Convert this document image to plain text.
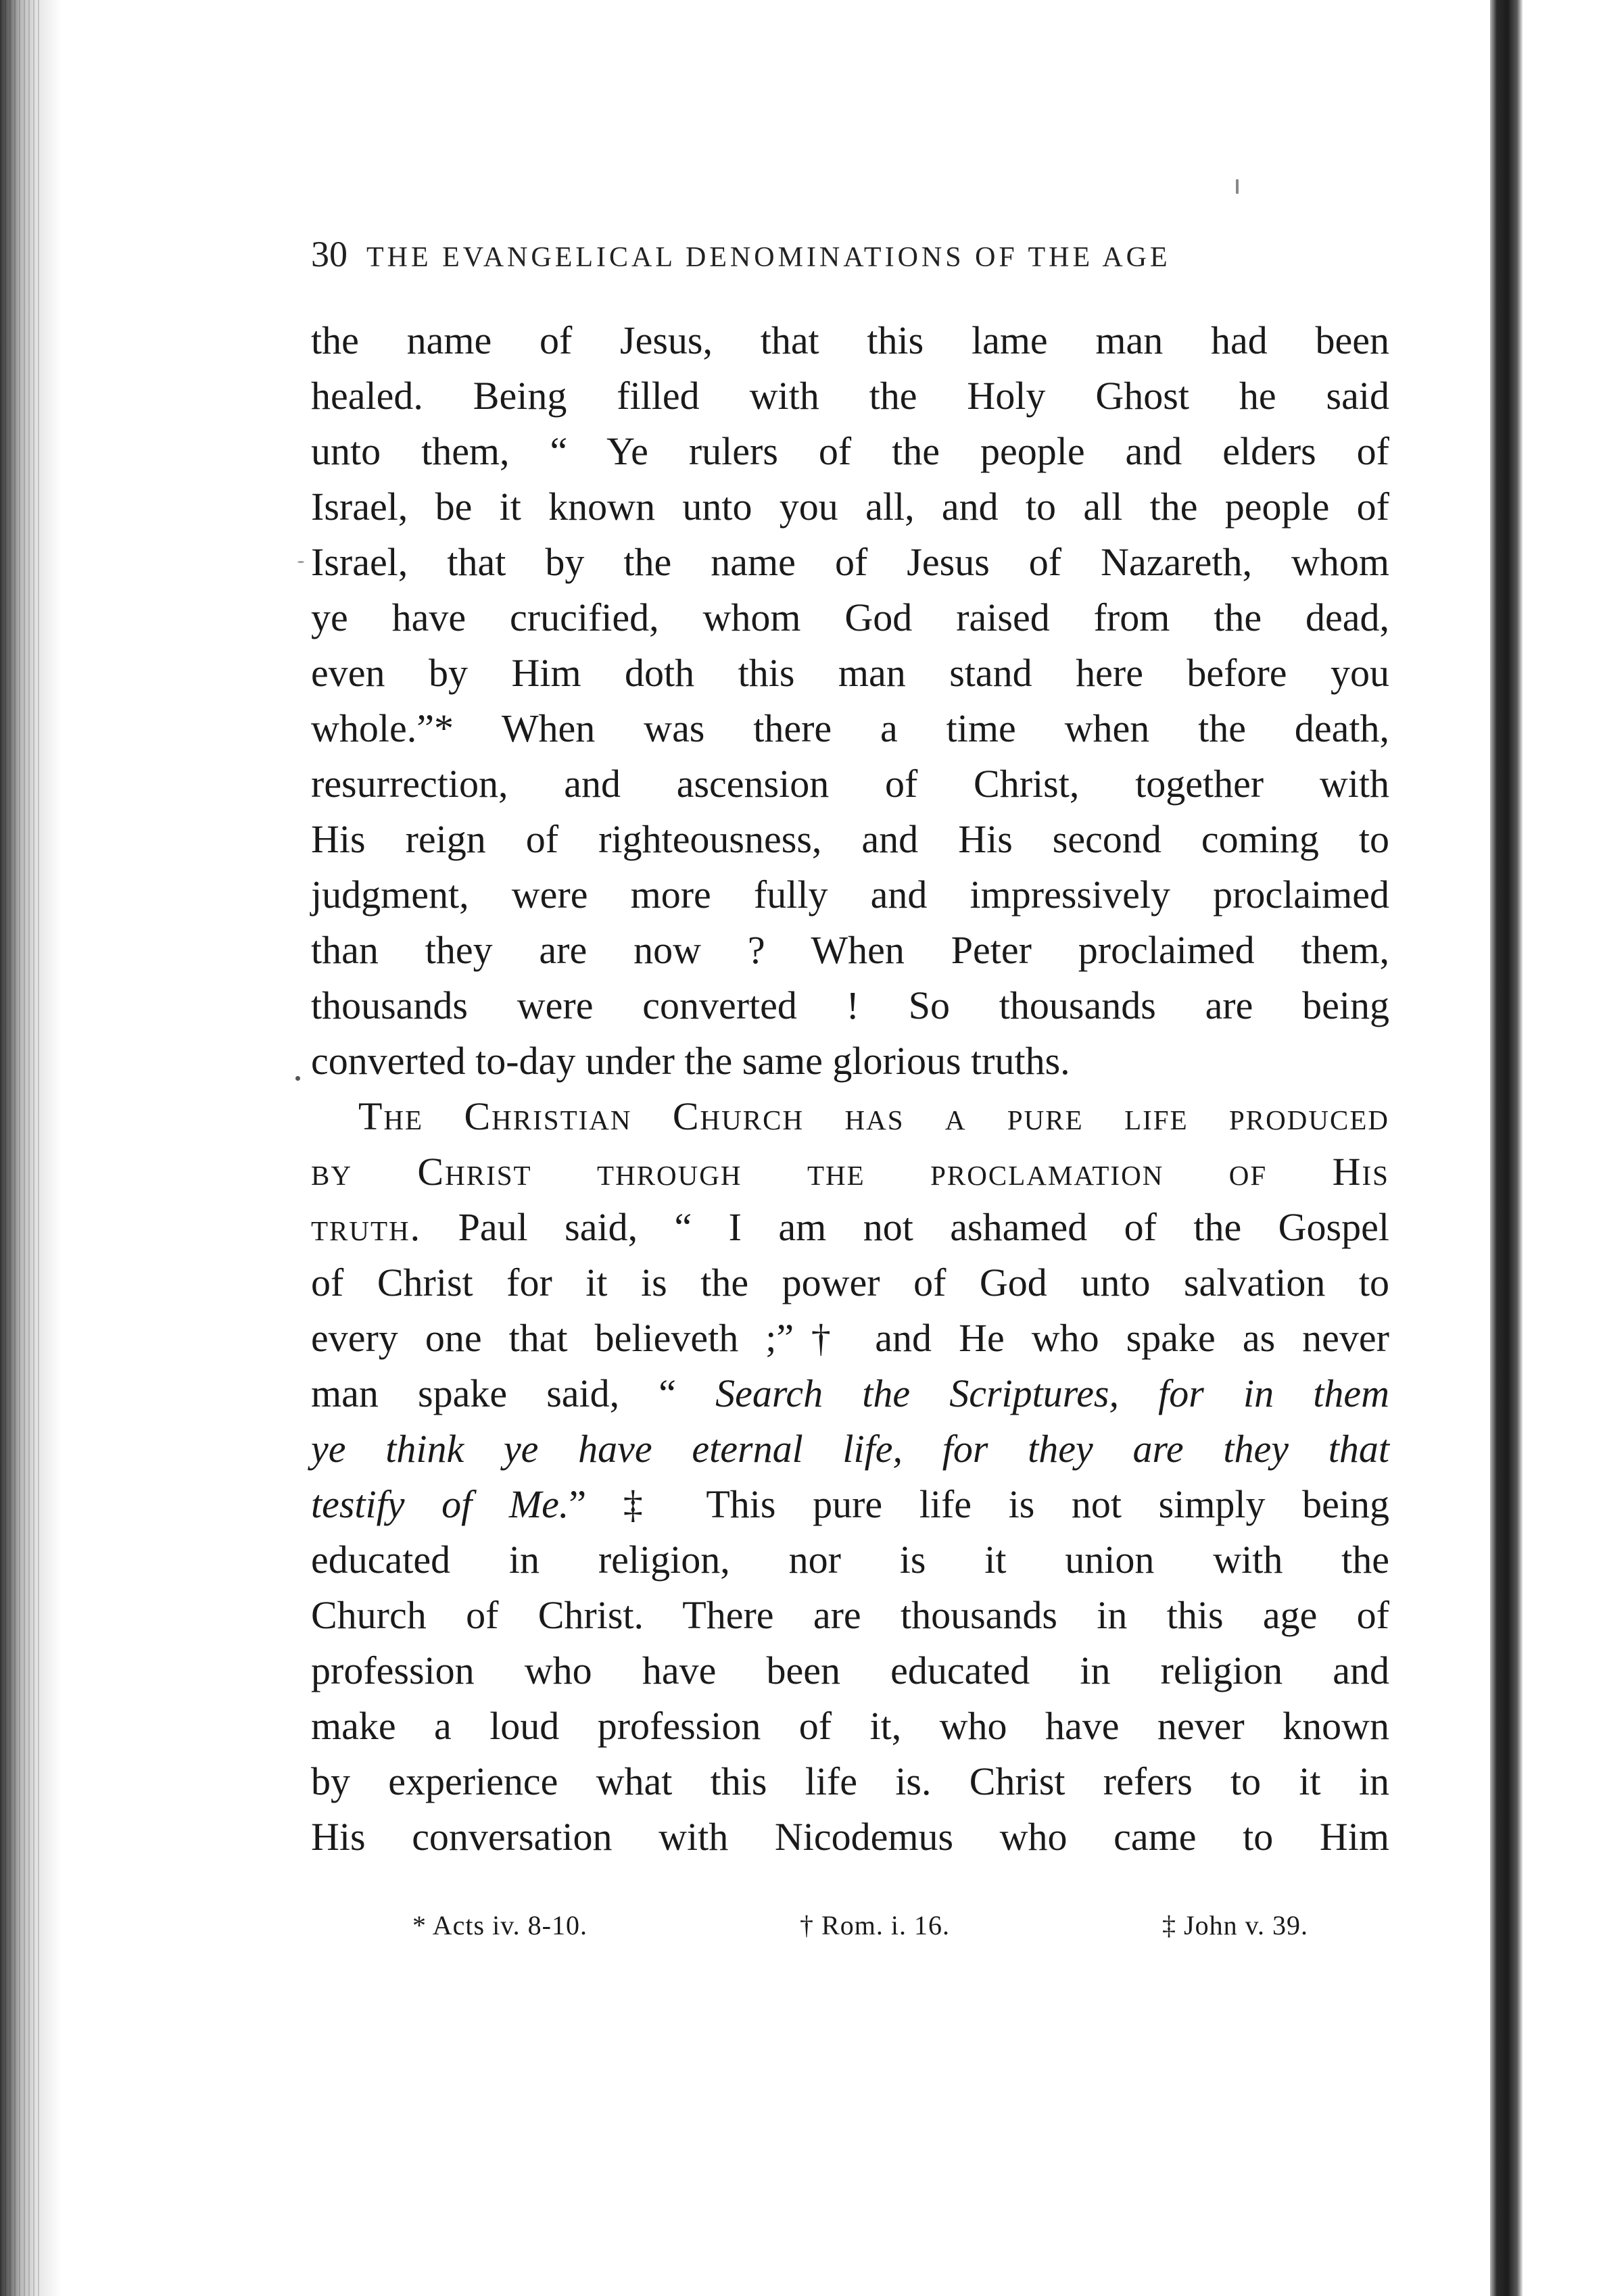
30 THE EVANGELICAL DENOMINATIONS OF THE AGE
the name of Jesus, that this lame man had been
healed. Being filled with the Holy Ghost he said
unto them, “ Ye rulers of the people and elders of
Israel, be it known unto you all, and to all the people of
Israel, that by the name of Jesus of Nazareth, whom
ye have crucified, whom God raised from the dead,
even by Him doth this man stand here before you
whole.”* When was there a time when the death,
resurrection, and ascension of Christ, together with
His reign of righteousness, and His second coming to
judgment, were more fully and impressively proclaimed
than they are now ? When Peter proclaimed them,
thousands were converted ! So thousands are being
converted to-day under the same glorious truths.
The Christian Church has a pure life produced
by Christ through the proclamation of His
truth. Paul said, “ I am not ashamed of the Gospel
of Christ for it is the power of God unto salvation to
every one that believeth ;”† and He who spake as never
man spake said, “ Search the Scriptures, for in them
ye think ye have eternal life, for they are they that
testify of Me.” ‡ This pure life is not simply being
educated in religion, nor is it union with the
Church of Christ. There are thousands in this age of
profession who have been educated in religion and
make a loud profession of it, who have never known
by experience what this life is. Christ refers to it in
His conversation with Nicodemus who came to Him
* Acts iv. 8-10.	† Rom. i. 16.	‡ John v. 39.
